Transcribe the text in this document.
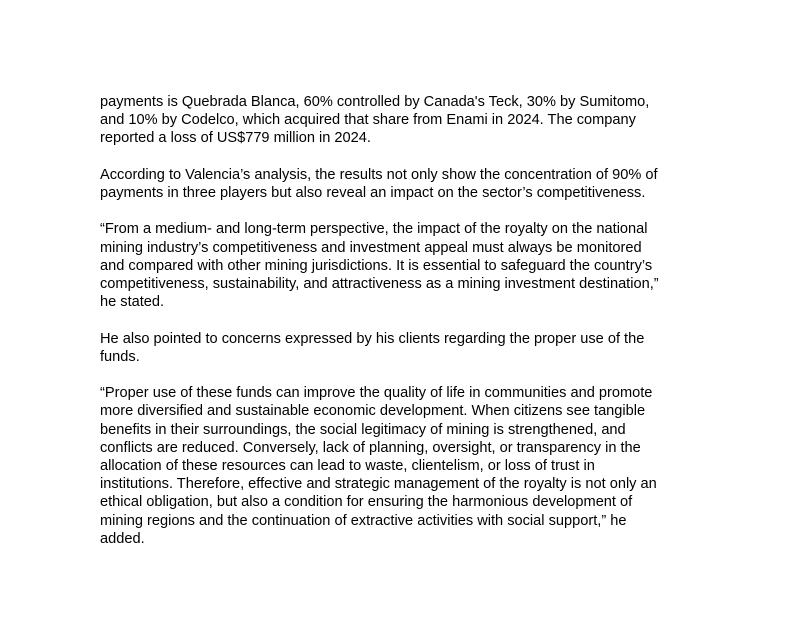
payments is Quebrada Blanca, 60% controlled by Canada's Teck, 30% by Sumitomo,
and 10% by Codelco, which acquired that share from Enami in 2024. The company
reported a loss of US$779 million in 2024.

According to Valencia’s analysis, the results not only show the concentration of 90% of
payments in three players but also reveal an impact on the sector’s competitiveness.

“From a medium- and long-term perspective, the impact of the royalty on the national
mining industry’s competitiveness and investment appeal must always be monitored
and compared with other mining jurisdictions. It is essential to safeguard the country’s
competitiveness, sustainability, and attractiveness as a mining investment destination,”
he stated.

He also pointed to concerns expressed by his clients regarding the proper use of the
funds.

“Proper use of these funds can improve the quality of life in communities and promote
more diversified and sustainable economic development. When citizens see tangible
benefits in their surroundings, the social legitimacy of mining is strengthened, and
conflicts are reduced. Conversely, lack of planning, oversight, or transparency in the
allocation of these resources can lead to waste, clientelism, or loss of trust in
institutions. Therefore, effective and strategic management of the royalty is not only an
ethical obligation, but also a condition for ensuring the harmonious development of
mining regions and the continuation of extractive activities with social support,” he
added.
